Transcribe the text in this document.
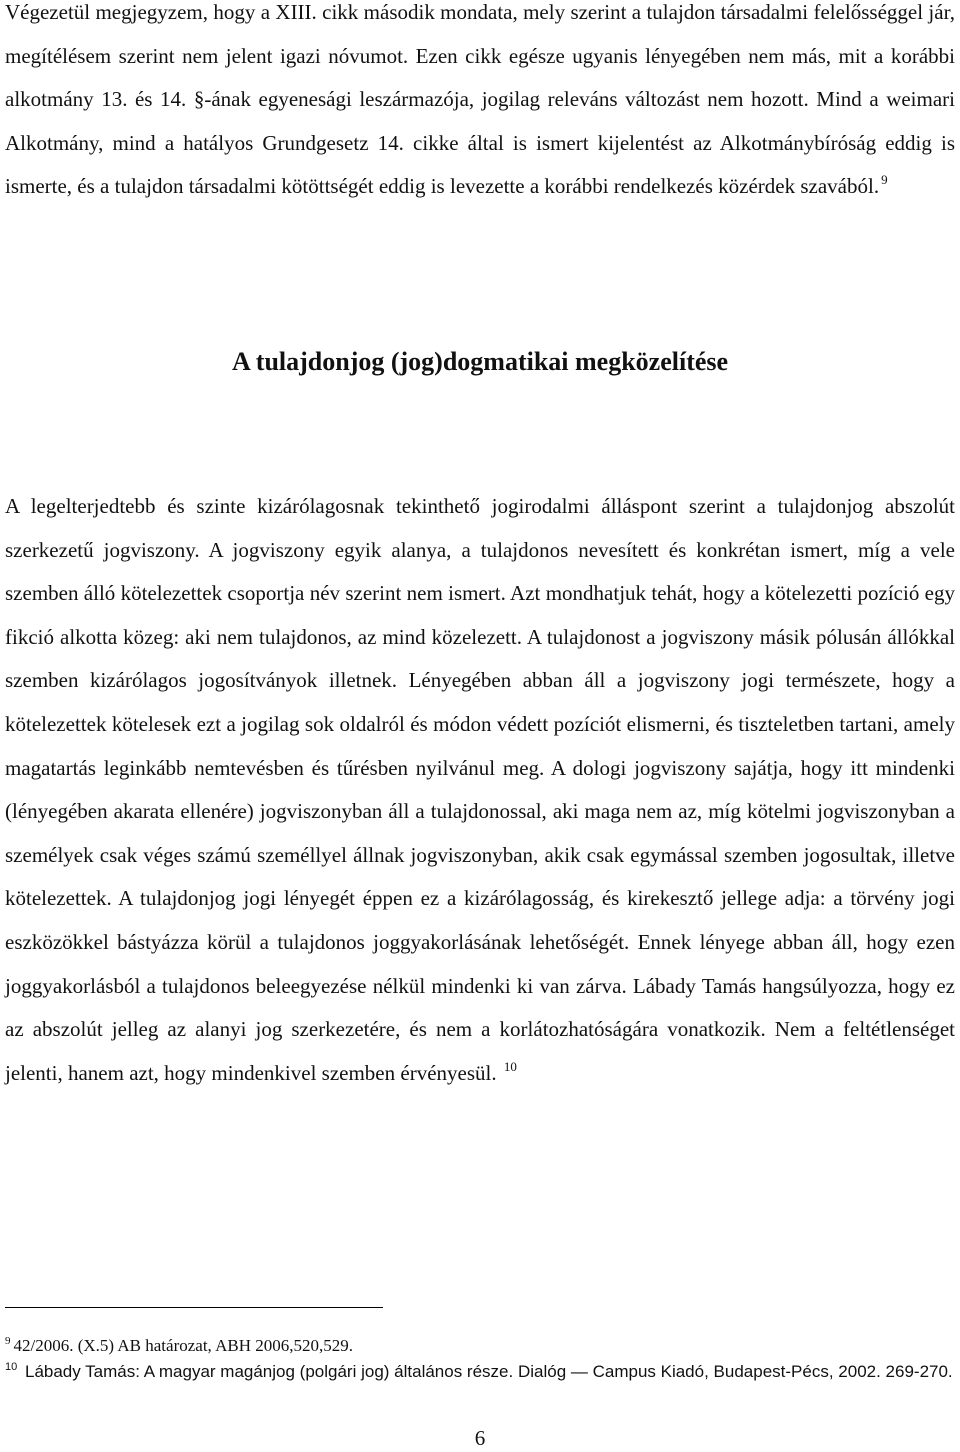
Végezetül megjegyzem, hogy a XIII. cikk második mondata, mely szerint a tulajdon társadalmi felelősséggel jár, megítélésem szerint nem jelent igazi nóvumot. Ezen cikk egésze ugyanis lényegében nem más, mit a korábbi alkotmány 13. és 14. §-ának egyenesági leszármazója, jogilag releváns változást nem hozott. Mind a weimari Alkotmány, mind a hatályos Grundgesetz 14. cikke által is ismert kijelentést az Alkotmánybíróság eddig is ismerte, és a tulajdon társadalmi kötöttségét eddig is levezette a korábbi rendelkezés közérdek szavából. $^9$

A tulajdonjog (jog)dogmatikai megközelítése

A legelterjedtebb és szinte kizárólagosnak tekinthető jogirodalmi álláspont szerint a tulajdonjog abszolút szerkezetű jogviszony. A jogviszony egyik alanya, a tulajdonos nevesített és konkrétan ismert, míg a vele szemben álló kötelezettek csoportja név szerint nem ismert. Azt mondhatjuk tehát, hogy a kötelezetti pozíció egy fikció alkotta közeg: aki nem tulajdonos, az mind közelezett. A tulajdonost a jogviszony másik pólusán állókkal szemben kizárólagos jogosítványok illetnek. Lényegében abban áll a jogviszony jogi természete, hogy a kötelezettek kötelesek ezt a jogilag sok oldalról és módon védett pozíciót elismerni, és tiszteletben tartani, amely magatartás leginkább nemtevésben és tűrésben nyilvánul meg. A dologi jogviszony sajátja, hogy itt mindenki (lényegében akarata ellenére) jogviszonyban áll a tulajdonossal, aki maga nem az, míg kötelmi jogviszonyban a személyek csak véges számú személlyel állnak jogviszonyban, akik csak egymással szemben jogosultak, illetve kötelezettek. A tulajdonjog jogi lényegét éppen ez a kizárólagosság, és kirekesztő jellege adja: a törvény jogi eszközökkel bástyázza körül a tulajdonos joggyakorlásának lehetőségét. Ennek lényege abban áll, hogy ezen joggyakorlásból a tulajdonos beleegyezése nélkül mindenki ki van zárva. Lábady Tamás hangsúlyozza, hogy ez az abszolút jelleg az alanyi jog szerkezetére, és nem a korlátozhatóságára vonatkozik. Nem a feltétlenséget jelenti, hanem azt, hogy mindenkivel szemben érvényesül. $^{10}$

$^9$ 42/2006. (X.5) AB határozat, ABH 2006,520,529.

$^{10}$ Lábady Tamás: A magyar magánjog (polgári jog) általános része. Dialóg — Campus Kiadó, Budapest-Pécs, 2002. 269-270.

6
